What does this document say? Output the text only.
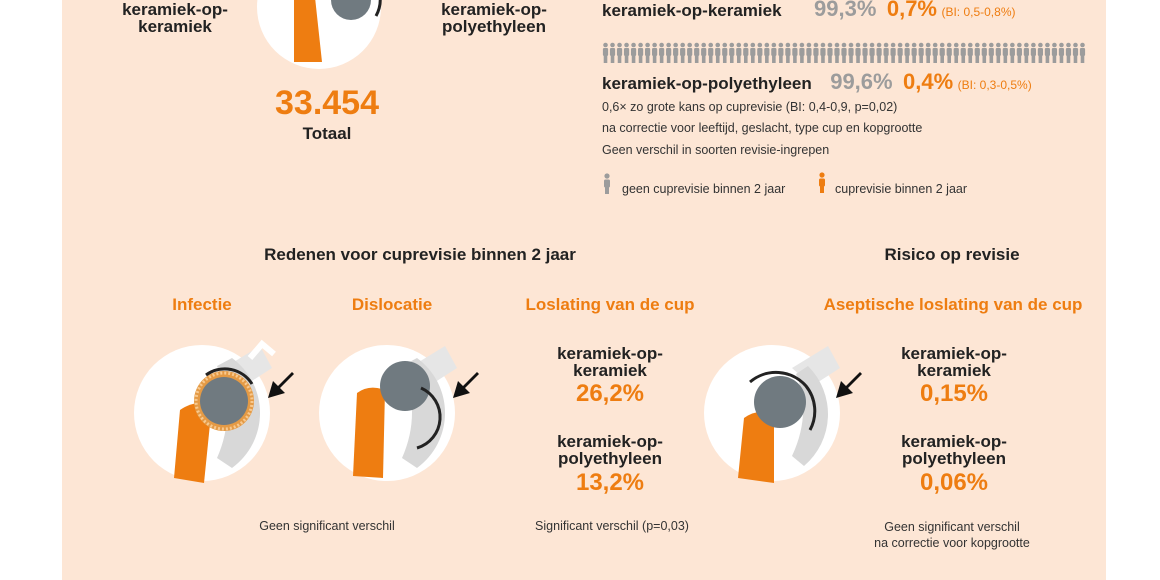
keramiek-op-
keramiek
keramiek-op-
polyethyleen
33.454
Totaal
keramiek-op-keramiek 99,3% 0,7% (BI: 0,5-0,8%)
keramiek-op-polyethyleen 99,6% 0,4% (BI: 0,3-0,5%)
0,6× zo grote kans op cuprevisie (BI: 0,4-0,9, p=0,02)
na correctie voor leeftijd, geslacht, type cup en kopgrootte
Geen verschil in soorten revisie-ingrepen
geen cuprevisie binnen 2 jaar	cuprevisie binnen 2 jaar
Redenen voor cuprevisie binnen 2 jaar
Infectie	Dislocatie	Loslating van de cup
keramiek-op-
keramiek
26,2%
keramiek-op-
polyethyleen
13,2%
Geen significant verschil	Significant verschil (p=0,03)
Risico op revisie
Aseptische loslating van de cup
keramiek-op-
keramiek
0,15%
keramiek-op-
polyethyleen
0,06%
Geen significant verschil
na correctie voor kopgrootte
